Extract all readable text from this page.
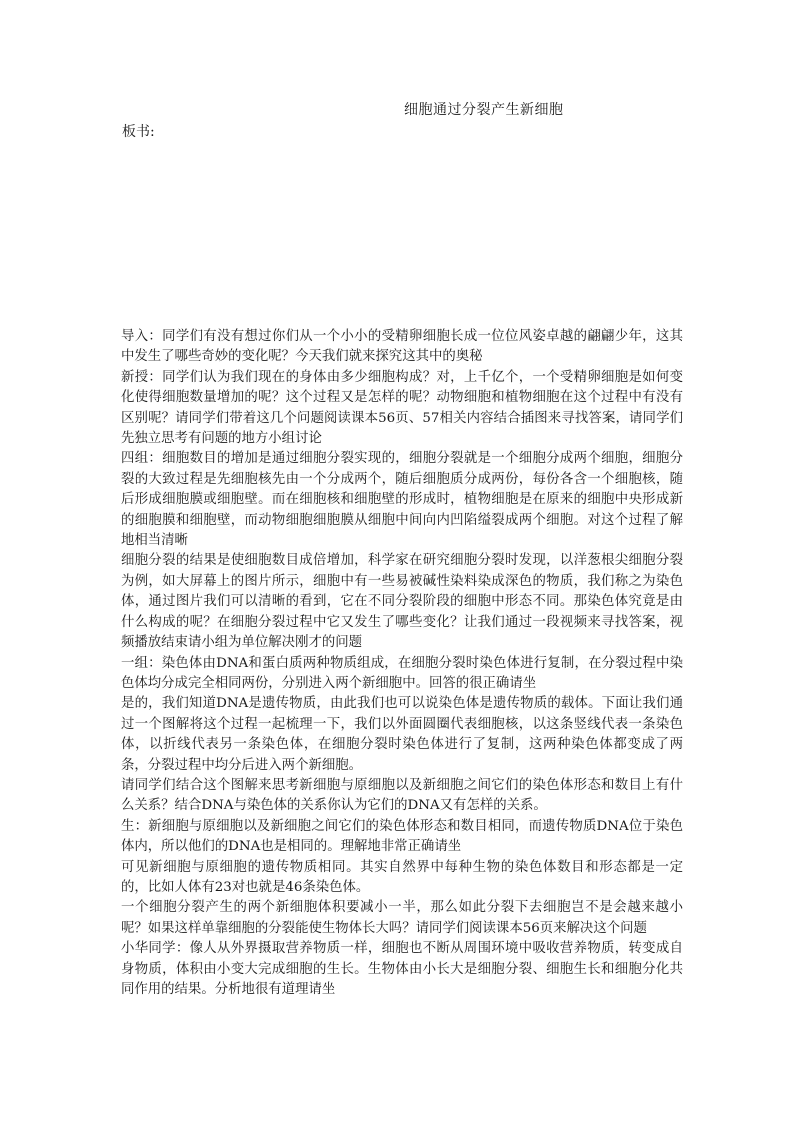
细胞通过分裂产生新细胞
板书:

导入：同学们有没有想过你们从一个小小的受精卵细胞长成一位位风姿卓越的翩翩少年，这其中发生了哪些奇妙的变化呢？今天我们就来探究这其中的奥秘

新授：同学们认为我们现在的身体由多少细胞构成？对，上千亿个，一个受精卵细胞是如何变化使得细胞数量增加的呢？这个过程又是怎样的呢？动物细胞和植物细胞在这个过程中有没有区别呢？请同学们带着这几个问题阅读课本56页、57相关内容结合插图来寻找答案，请同学们先独立思考有问题的地方小组讨论

四组：细胞数目的增加是通过细胞分裂实现的，细胞分裂就是一个细胞分成两个细胞，细胞分裂的大致过程是先细胞核先由一个分成两个，随后细胞质分成两份，每份各含一个细胞核，随后形成细胞膜或细胞壁。而在细胞核和细胞壁的形成时，植物细胞是在原来的细胞中央形成新的细胞膜和细胞壁，而动物细胞细胞膜从细胞中间向内凹陷缢裂成两个细胞。对这个过程了解地相当清晰

细胞分裂的结果是使细胞数目成倍增加，科学家在研究细胞分裂时发现，以洋葱根尖细胞分裂为例，如大屏幕上的图片所示，细胞中有一些易被碱性染料染成深色的物质，我们称之为染色体，通过图片我们可以清晰的看到，它在不同分裂阶段的细胞中形态不同。那染色体究竟是由什么构成的呢？在细胞分裂过程中它又发生了哪些变化？让我们通过一段视频来寻找答案，视频播放结束请小组为单位解决刚才的问题

一组：染色体由DNA和蛋白质两种物质组成，在细胞分裂时染色体进行复制，在分裂过程中染色体均分成完全相同两份，分别进入两个新细胞中。回答的很正确请坐

是的，我们知道DNA是遗传物质，由此我们也可以说染色体是遗传物质的载体。下面让我们通过一个图解将这个过程一起梳理一下，我们以外面圆圈代表细胞核，以这条竖线代表一条染色体，以折线代表另一条染色体，在细胞分裂时染色体进行了复制，这两种染色体都变成了两条，分裂过程中均分后进入两个新细胞。

请同学们结合这个图解来思考新细胞与原细胞以及新细胞之间它们的染色体形态和数目上有什么关系？结合DNA与染色体的关系你认为它们的DNA又有怎样的关系。

生：新细胞与原细胞以及新细胞之间它们的染色体形态和数目相同，而遗传物质DNA位于染色体内，所以他们的DNA也是相同的。理解地非常正确请坐

可见新细胞与原细胞的遗传物质相同。其实自然界中每种生物的染色体数目和形态都是一定的，比如人体有23对也就是46条染色体。

一个细胞分裂产生的两个新细胞体积要减小一半，那么如此分裂下去细胞岂不是会越来越小呢？如果这样单靠细胞的分裂能使生物体长大吗？请同学们阅读课本56页来解决这个问题

小华同学：像人从外界摄取营养物质一样，细胞也不断从周围环境中吸收营养物质，转变成自身物质，体积由小变大完成细胞的生长。生物体由小长大是细胞分裂、细胞生长和细胞分化共同作用的结果。分析地很有道理请坐
